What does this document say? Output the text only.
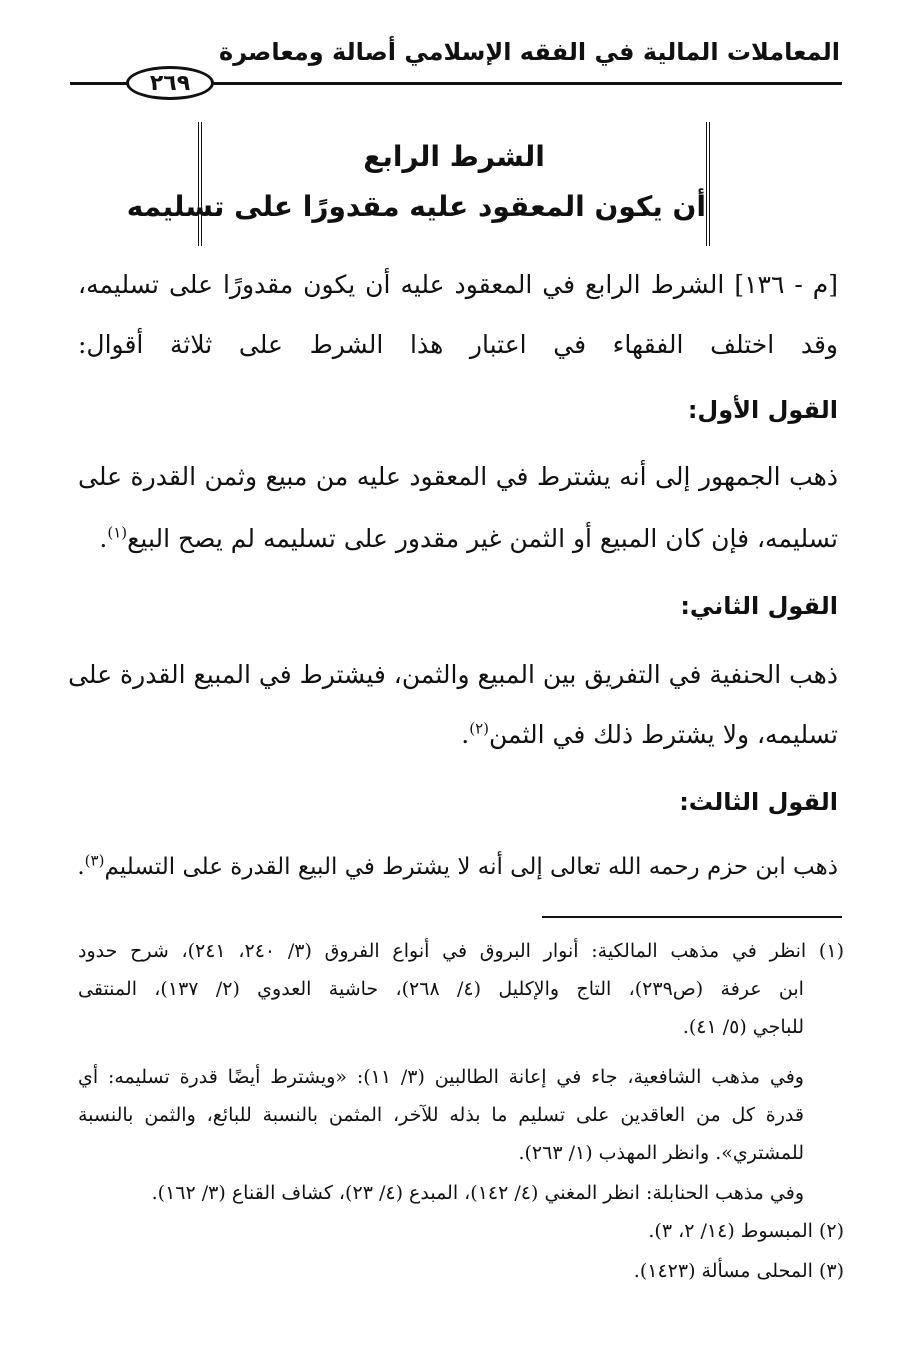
المعاملات المالية في الفقه الإسلامي أصالة ومعاصرة
٢٦٩
الشرط الرابع
أن يكون المعقود عليه مقدورًا على تسليمه
[م - ١٣٦] الشرط الرابع في المعقود عليه أن يكون مقدورًا على تسليمه،
وقد اختلف الفقهاء في اعتبار هذا الشرط على ثلاثة أقوال:
القول الأول:
ذهب الجمهور إلى أنه يشترط في المعقود عليه من مبيع وثمن القدرة على
تسليمه، فإن كان المبيع أو الثمن غير مقدور على تسليمه لم يصح البيع$^{(١)}$.
القول الثاني:
ذهب الحنفية في التفريق بين المبيع والثمن، فيشترط في المبيع القدرة على
تسليمه، ولا يشترط ذلك في الثمن$^{(٢)}$.
القول الثالث:
ذهب ابن حزم رحمه الله تعالى إلى أنه لا يشترط في البيع القدرة على التسليم$^{(٣)}$.
(١) انظر في مذهب المالكية: أنوار البروق في أنواع الفروق (٣/ ٢٤٠، ٢٤١)، شرح حدود
ابن عرفة (ص٢٣٩)، التاج والإكليل (٤/ ٢٦٨)، حاشية العدوي (٢/ ١٣٧)، المنتقى
للباجي (٥/ ٤١).
وفي مذهب الشافعية، جاء في إعانة الطالبين (٣/ ١١): «ويشترط أيضًا قدرة تسليمه: أي
قدرة كل من العاقدين على تسليم ما بذله للآخر، المثمن بالنسبة للبائع، والثمن بالنسبة
للمشتري». وانظر المهذب (١/ ٢٦٣).
وفي مذهب الحنابلة: انظر المغني (٤/ ١٤٢)، المبدع (٤/ ٢٣)، كشاف القناع (٣/ ١٦٢).
(٢) المبسوط (١٤/ ٢، ٣).
(٣) المحلى مسألة (١٤٢٣).
